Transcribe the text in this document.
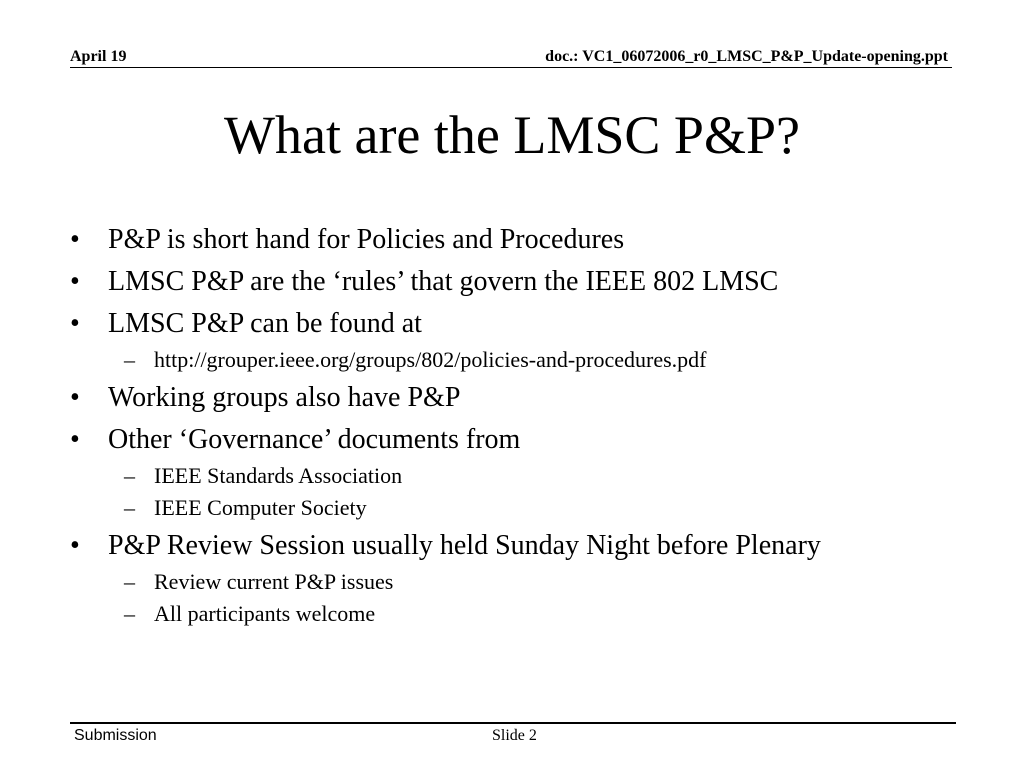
April 19	doc.: VC1_06072006_r0_LMSC_P&P_Update-opening.ppt
What are the LMSC P&P?
•	P&P is short hand for Policies and Procedures
•	LMSC P&P are the ‘rules’ that govern the IEEE 802 LMSC
•	LMSC P&P can be found at
– http://grouper.ieee.org/groups/802/policies-and-procedures.pdf
•	Working groups also have P&P
•	Other ‘Governance’ documents from
– IEEE Standards Association
– IEEE Computer Society
•	P&P Review Session usually held Sunday Night before Plenary
– Review current P&P issues
– All participants welcome
Submission	Slide 2
